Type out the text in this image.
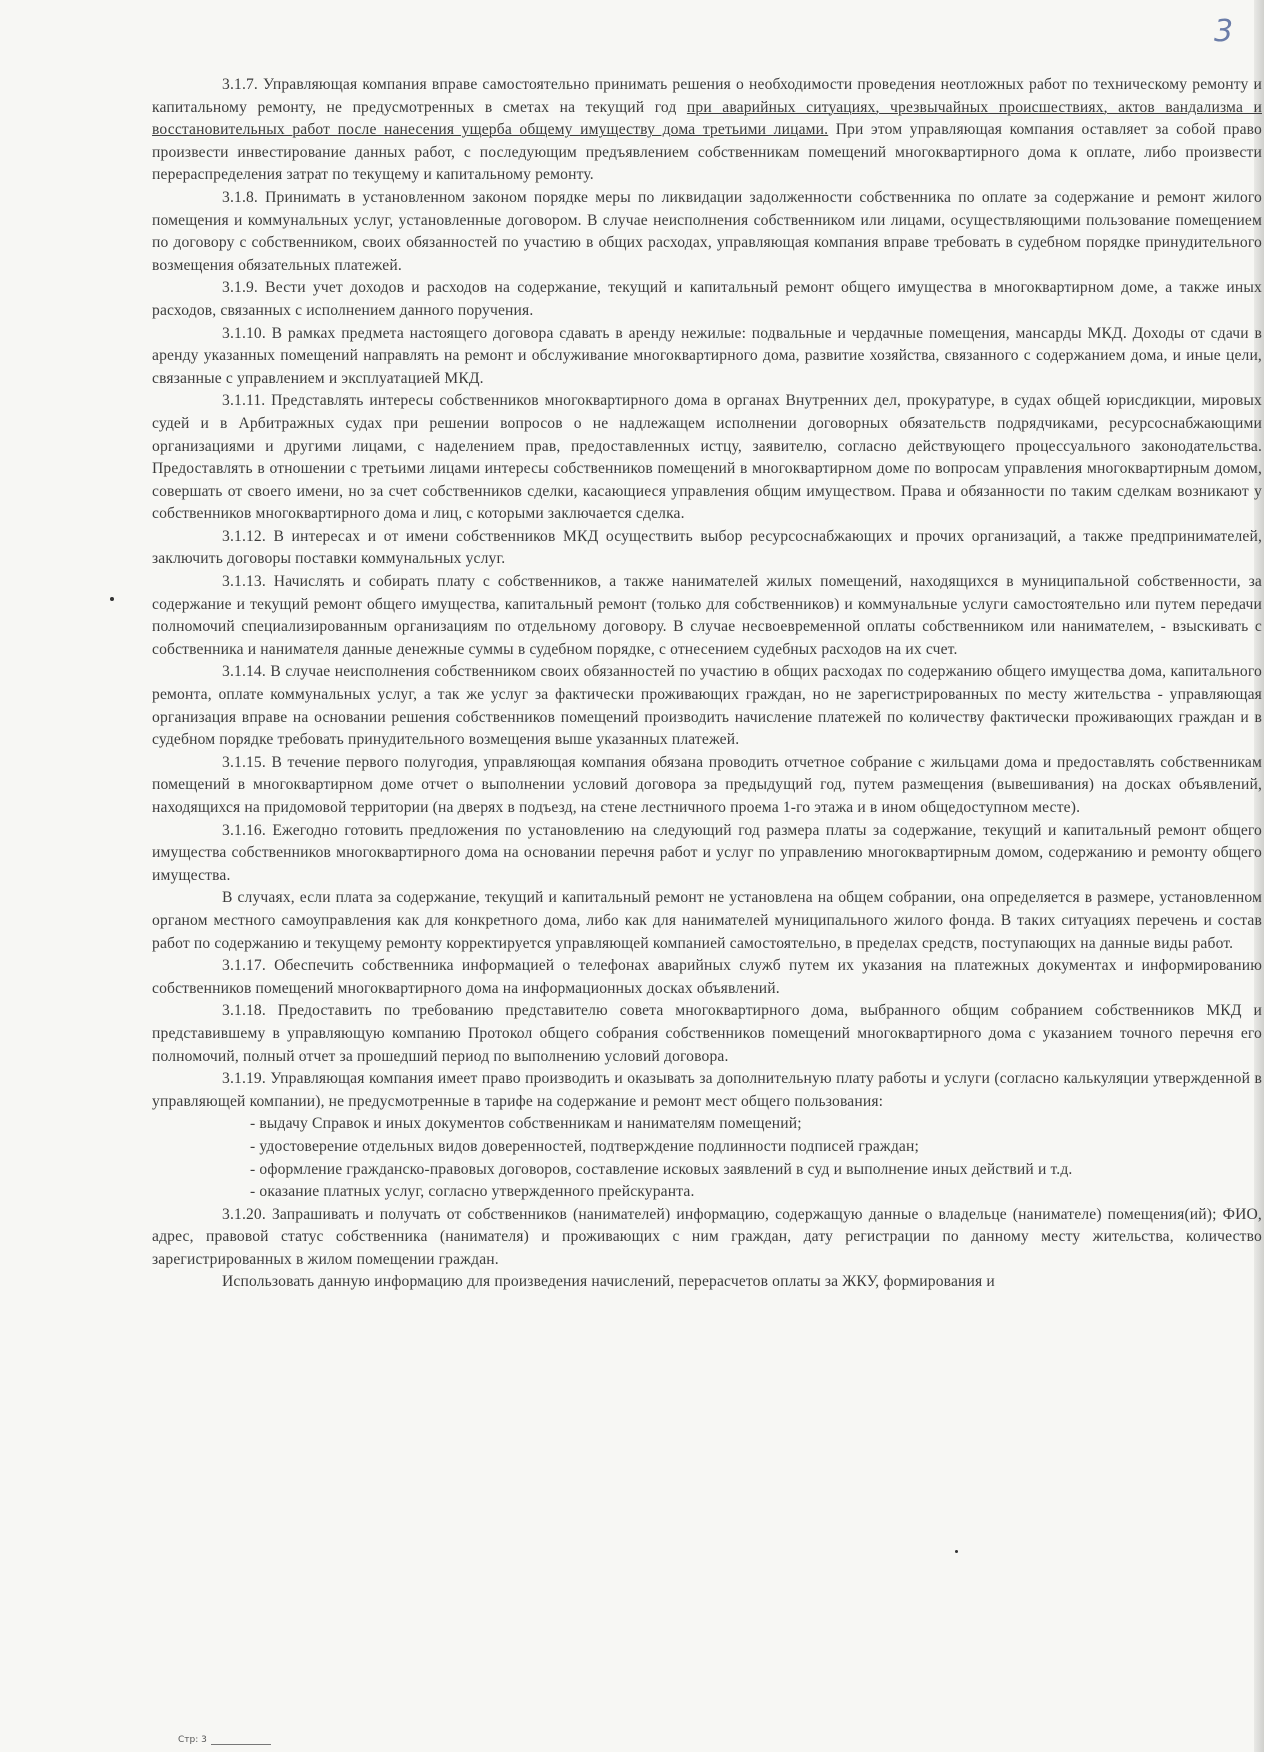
3

3.1.7. Управляющая компания вправе самостоятельно принимать решения о необходимости проведения неотложных работ по техническому ремонту и капитальному ремонту, не предусмотренных в сметах на текущий год при аварийных ситуациях, чрезвычайных происшествиях, актов вандализма и восстановительных работ после нанесения ущерба общему имуществу дома третьими лицами. При этом управляющая компания оставляет за собой право произвести инвестирование данных работ, с последующим предъявлением собственникам помещений многоквартирного дома к оплате, либо произвести перераспределения затрат по текущему и капитальному ремонту.

3.1.8. Принимать в установленном законом порядке меры по ликвидации задолженности собственника по оплате за содержание и ремонт жилого помещения и коммунальных услуг, установленные договором. В случае неисполнения собственником или лицами, осуществляющими пользование помещением по договору с собственником, своих обязанностей по участию в общих расходах, управляющая компания вправе требовать в судебном порядке принудительного возмещения обязательных платежей.

3.1.9. Вести учет доходов и расходов на содержание, текущий и капитальный ремонт общего имущества в многоквартирном доме, а также иных расходов, связанных с исполнением данного поручения.

3.1.10. В рамках предмета настоящего договора сдавать в аренду нежилые: подвальные и чердачные помещения, мансарды МКД. Доходы от сдачи в аренду указанных помещений направлять на ремонт и обслуживание многоквартирного дома, развитие хозяйства, связанного с содержанием дома, и иные цели, связанные с управлением и эксплуатацией МКД.

3.1.11. Представлять интересы собственников многоквартирного дома в органах Внутренних дел, прокуратуре, в судах общей юрисдикции, мировых судей и в Арбитражных судах при решении вопросов о не надлежащем исполнении договорных обязательств подрядчиками, ресурсоснабжающими организациями и другими лицами, с наделением прав, предоставленных истцу, заявителю, согласно действующего процессуального законодательства. Предоставлять в отношении с третьими лицами интересы собственников помещений в многоквартирном доме по вопросам управления многоквартирным домом, совершать от своего имени, но за счет собственников сделки, касающиеся управления общим имуществом. Права и обязанности по таким сделкам возникают у собственников многоквартирного дома и лиц, с которыми заключается сделка.

3.1.12. В интересах и от имени собственников МКД осуществить выбор ресурсоснабжающих и прочих организаций, а также предпринимателей, заключить договоры поставки коммунальных услуг.

3.1.13. Начислять и собирать плату с собственников, а также нанимателей жилых помещений, находящихся в муниципальной собственности, за содержание и текущий ремонт общего имущества, капитальный ремонт (только для собственников) и коммунальные услуги самостоятельно или путем передачи полномочий специализированным организациям по отдельному договору. В случае несвоевременной оплаты собственником или нанимателем, - взыскивать с собственника и нанимателя данные денежные суммы в судебном порядке, с отнесением судебных расходов на их счет.

3.1.14. В случае неисполнения собственником своих обязанностей по участию в общих расходах по содержанию общего имущества дома, капитального ремонта, оплате коммунальных услуг, а так же услуг за фактически проживающих граждан, но не зарегистрированных по месту жительства - управляющая организация вправе на основании решения собственников помещений производить начисление платежей по количеству фактически проживающих граждан и в судебном порядке требовать принудительного возмещения выше указанных платежей.

3.1.15. В течение первого полугодия, управляющая компания обязана проводить отчетное собрание с жильцами дома и предоставлять собственникам помещений в многоквартирном доме отчет о выполнении условий договора за предыдущий год, путем размещения (вывешивания) на досках объявлений, находящихся на придомовой территории (на дверях в подъезд, на стене лестничного проема 1-го этажа и в ином общедоступном месте).

3.1.16. Ежегодно готовить предложения по установлению на следующий год размера платы за содержание, текущий и капитальный ремонт общего имущества собственников многоквартирного дома на основании перечня работ и услуг по управлению многоквартирным домом, содержанию и ремонту общего имущества.

В случаях, если плата за содержание, текущий и капитальный ремонт не установлена на общем собрании, она определяется в размере, установленном органом местного самоуправления как для конкретного дома, либо как для нанимателей муниципального жилого фонда. В таких ситуациях перечень и состав работ по содержанию и текущему ремонту корректируется управляющей компанией самостоятельно, в пределах средств, поступающих на данные виды работ.

3.1.17. Обеспечить собственника информацией о телефонах аварийных служб путем их указания на платежных документах и информированию собственников помещений многоквартирного дома на информационных досках объявлений.

3.1.18. Предоставить по требованию представителю совета многоквартирного дома, выбранного общим собранием собственников МКД и представившему в управляющую компанию Протокол общего собрания собственников помещений многоквартирного дома с указанием точного перечня его полномочий, полный отчет за прошедший период по выполнению условий договора.

3.1.19. Управляющая компания имеет право производить и оказывать за дополнительную плату работы и услуги (согласно калькуляции утвержденной в управляющей компании), не предусмотренные в тарифе на содержание и ремонт мест общего пользования:

- выдачу Справок и иных документов собственникам и нанимателям помещений;

- удостоверение отдельных видов доверенностей, подтверждение подлинности подписей граждан;

- оформление гражданско-правовых договоров, составление исковых заявлений в суд и выполнение иных действий и т.д.

- оказание платных услуг, согласно утвержденного прейскуранта.

3.1.20. Запрашивать и получать от собственников (нанимателей) информацию, содержащую данные о владельце (нанимателе) помещения(ий); ФИО, адрес, правовой статус собственника (нанимателя) и проживающих с ним граждан, дату регистрации по данному месту жительства, количество зарегистрированных в жилом помещении граждан.

Использовать данную информацию для произведения начислений, перерасчетов оплаты за ЖКУ, формирования и

Стр: 3
